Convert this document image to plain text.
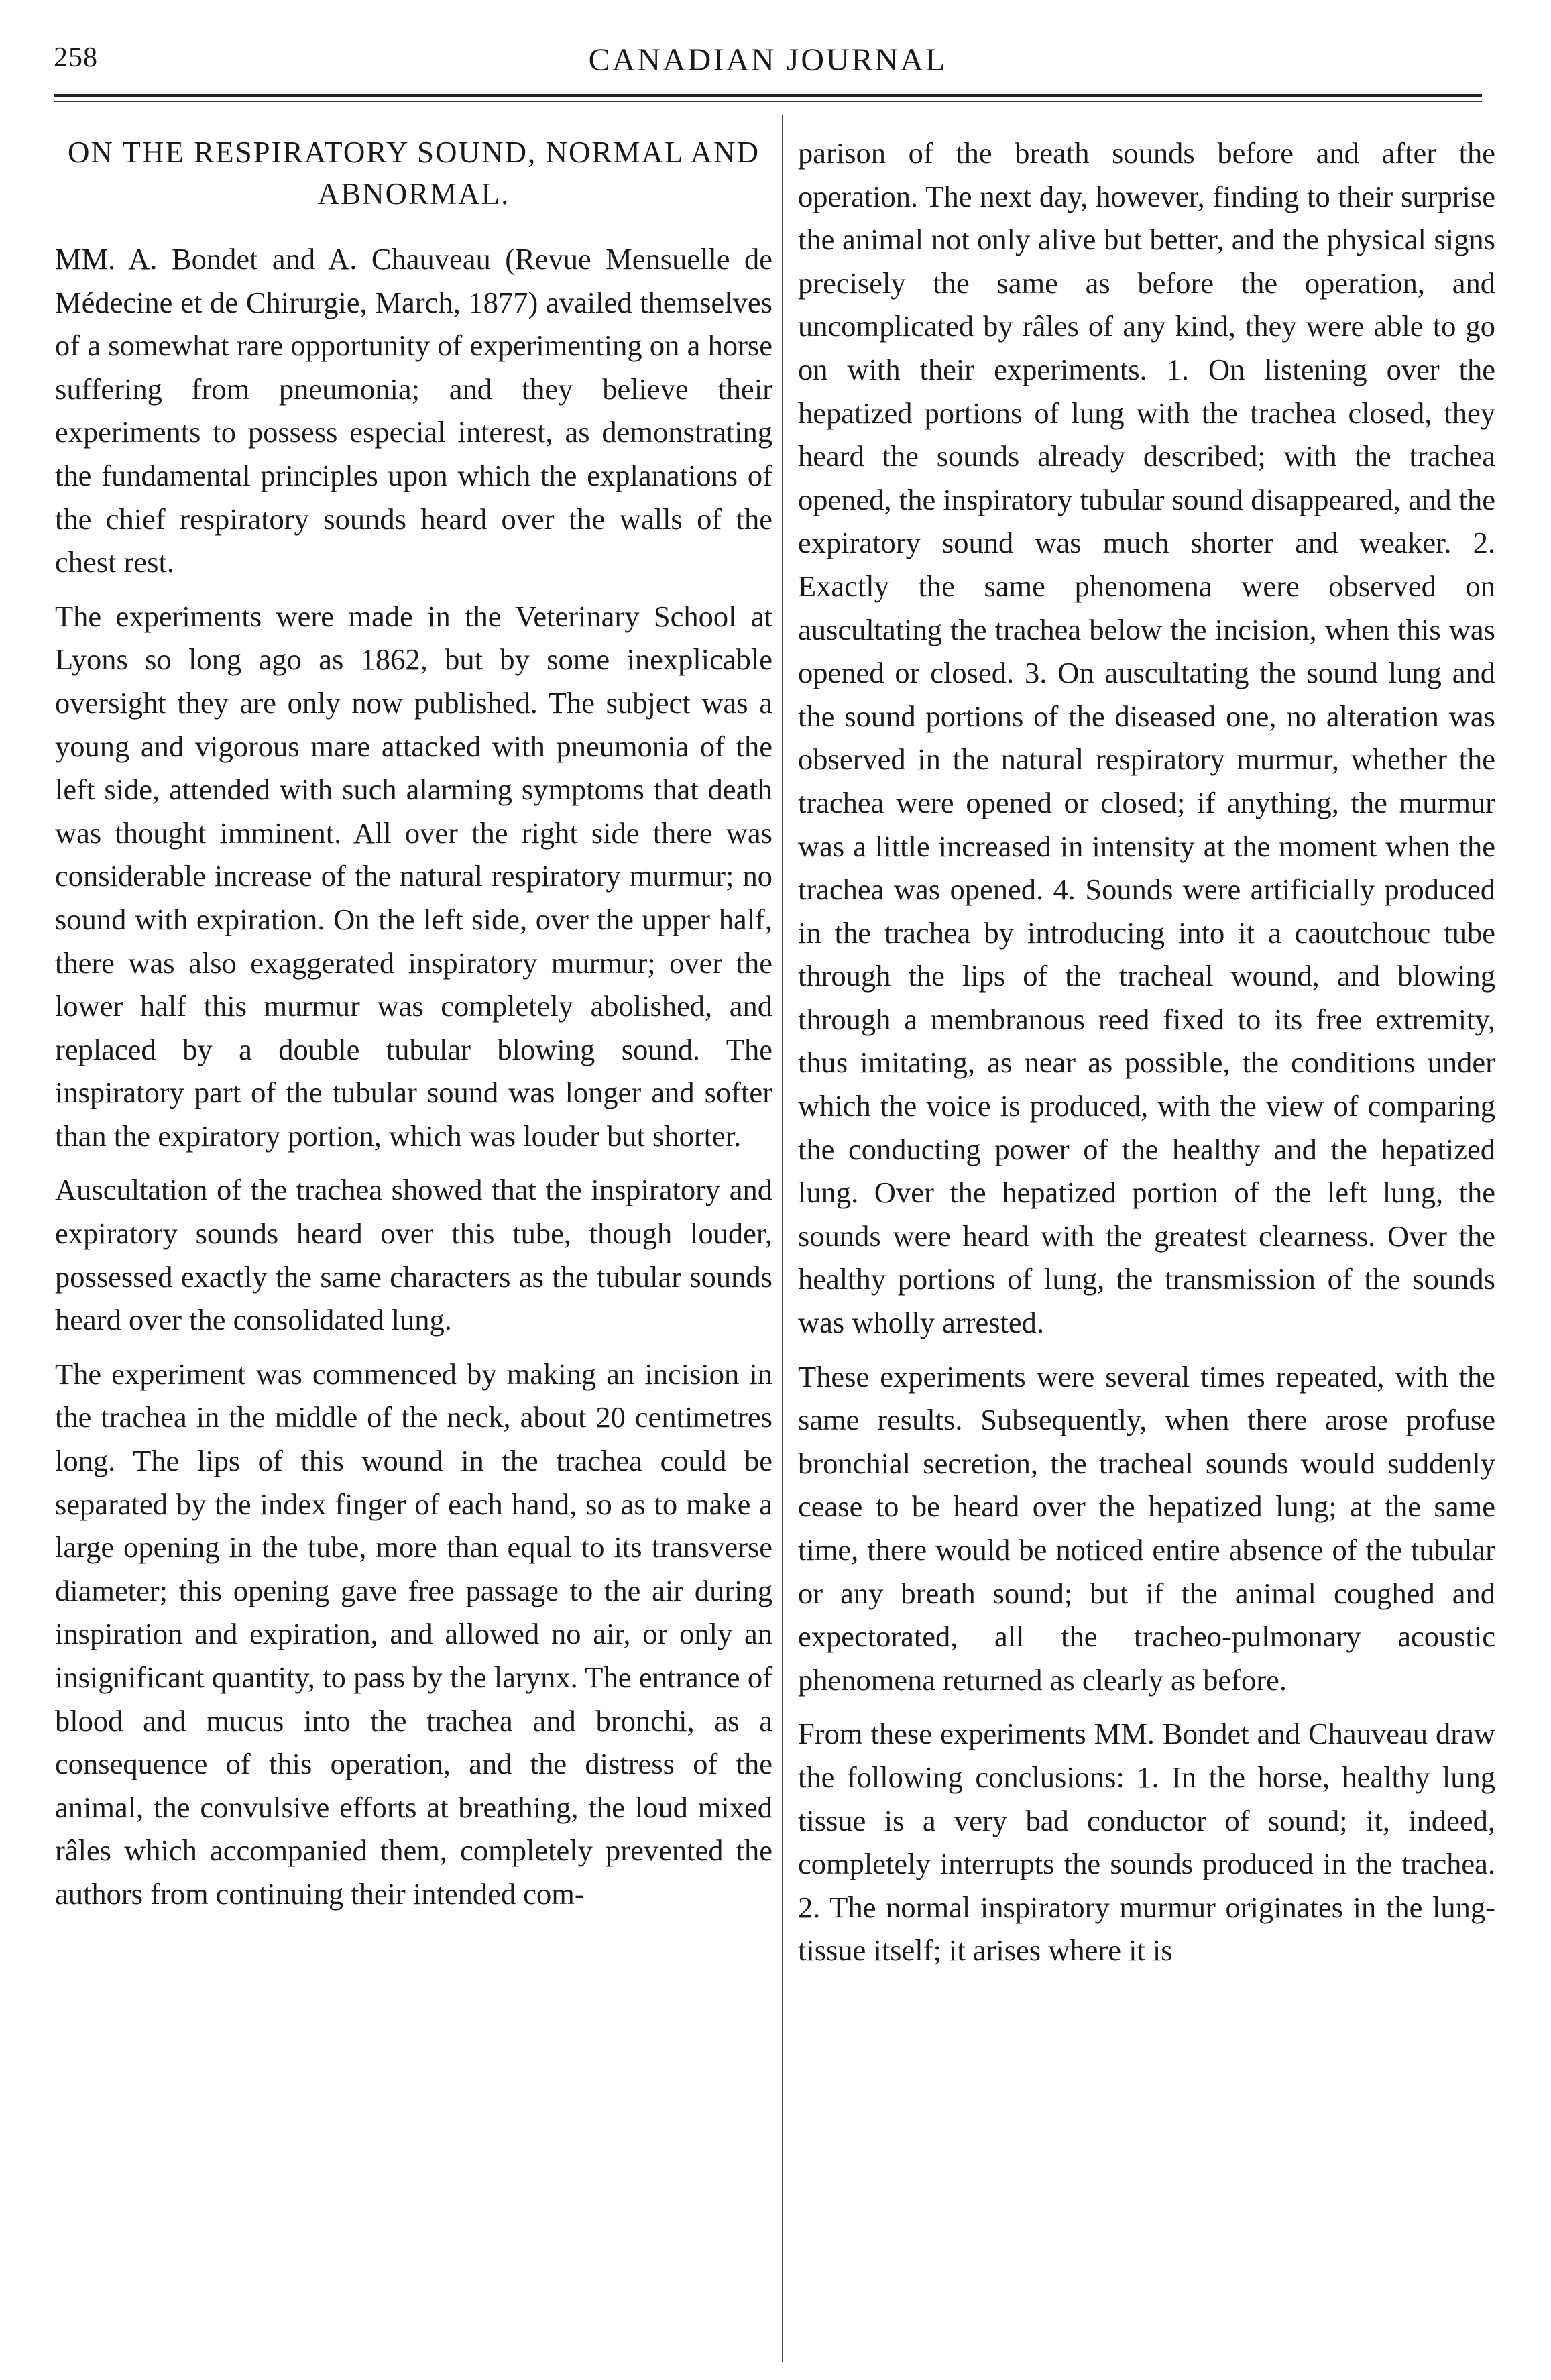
258	CANADIAN JOURNAL
ON THE RESPIRATORY SOUND, NORMAL AND ABNORMAL.

MM. A. Bondet and A. Chauveau (Revue Mensuelle de Médecine et de Chirurgie, March, 1877) availed themselves of a somewhat rare opportunity of experimenting on a horse suffering from pneumonia; and they believe their experiments to possess especial interest, as demonstrating the fundamental principles upon which the explanations of the chief respiratory sounds heard over the walls of the chest rest.

The experiments were made in the Veterinary School at Lyons so long ago as 1862, but by some inexplicable oversight they are only now published. The subject was a young and vigorous mare attacked with pneumonia of the left side, attended with such alarming symptoms that death was thought imminent. All over the right side there was considerable increase of the natural respiratory murmur; no sound with expiration. On the left side, over the upper half, there was also exaggerated inspiratory murmur; over the lower half this murmur was completely abolished, and replaced by a double tubular blowing sound. The inspiratory part of the tubular sound was longer and softer than the expiratory portion, which was louder but shorter.

Auscultation of the trachea showed that the inspiratory and expiratory sounds heard over this tube, though louder, possessed exactly the same characters as the tubular sounds heard over the consolidated lung.

The experiment was commenced by making an incision in the trachea in the middle of the neck, about 20 centimetres long. The lips of this wound in the trachea could be separated by the index finger of each hand, so as to make a large opening in the tube, more than equal to its transverse diameter; this opening gave free passage to the air during inspiration and expiration, and allowed no air, or only an insignificant quantity, to pass by the larynx. The entrance of blood and mucus into the trachea and bronchi, as a consequence of this operation, and the distress of the animal, the convulsive efforts at breathing, the loud mixed râles which accompanied them, completely prevented the authors from continuing their intended com-

parison of the breath sounds before and after the operation. The next day, however, finding to their surprise the animal not only alive but better, and the physical signs precisely the same as before the operation, and uncomplicated by râles of any kind, they were able to go on with their experiments. 1. On listening over the hepatized portions of lung with the trachea closed, they heard the sounds already described; with the trachea opened, the inspiratory tubular sound disappeared, and the expiratory sound was much shorter and weaker. 2. Exactly the same phenomena were observed on auscultating the trachea below the incision, when this was opened or closed. 3. On auscultating the sound lung and the sound portions of the diseased one, no alteration was observed in the natural respiratory murmur, whether the trachea were opened or closed; if anything, the murmur was a little increased in intensity at the moment when the trachea was opened. 4. Sounds were artificially produced in the trachea by introducing into it a caoutchouc tube through the lips of the tracheal wound, and blowing through a membranous reed fixed to its free extremity, thus imitating, as near as possible, the conditions under which the voice is produced, with the view of comparing the conducting power of the healthy and the hepatized lung. Over the hepatized portion of the left lung, the sounds were heard with the greatest clearness. Over the healthy portions of lung, the transmission of the sounds was wholly arrested.

These experiments were several times repeated, with the same results. Subsequently, when there arose profuse bronchial secretion, the tracheal sounds would suddenly cease to be heard over the hepatized lung; at the same time, there would be noticed entire absence of the tubular or any breath sound; but if the animal coughed and expectorated, all the tracheo-pulmonary acoustic phenomena returned as clearly as before.

From these experiments MM. Bondet and Chauveau draw the following conclusions: 1. In the horse, healthy lung tissue is a very bad conductor of sound; it, indeed, completely interrupts the sounds produced in the trachea. 2. The normal inspiratory murmur originates in the lung-tissue itself; it arises where it is
